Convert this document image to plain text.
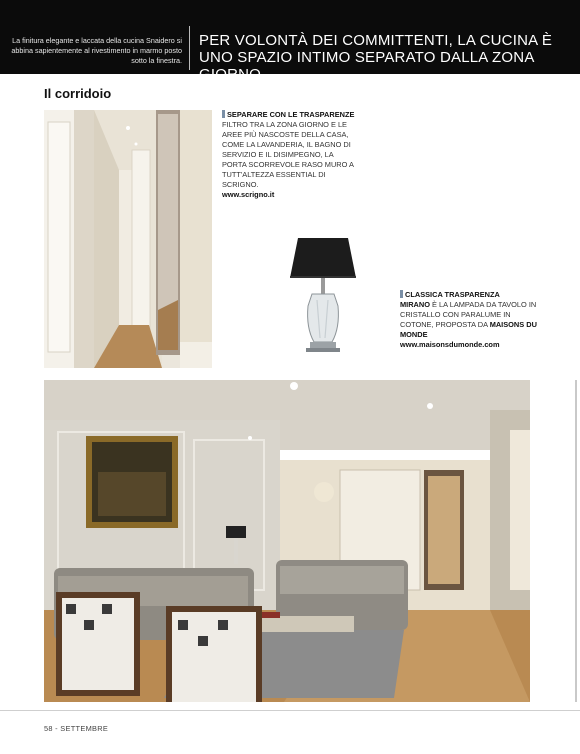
La finitura elegante e laccata della cucina Snaidero si abbina sapientemente al rivestimento in marmo posto sotto la finestra.
PER VOLONTÀ DEI COMMITTENTI, LA CUCINA È UNO SPAZIO INTIMO SEPARATO DALLA ZONA GIORNO
Il corridoio
SEPARARE CON LE TRASPARENZE
FILTRO TRA LA ZONA GIORNO E LE AREE PIÙ NASCOSTE DELLA CASA, COME LA LAVANDERIA, IL BAGNO DI SERVIZIO E IL DISIMPEGNO, LA PORTA SCORREVOLE RASO MURO A TUTT'ALTEZZA ESSENTIAL DI SCRIGNO.
www.scrigno.it
CLASSICA TRASPARENZA
MIRANO È LA LAMPADA DA TAVOLO IN CRISTALLO CON PARALUME IN COTONE, PROPOSTA DA MAISONS DU MONDE
www.maisonsdumonde.com
58 - SETTEMBRE
